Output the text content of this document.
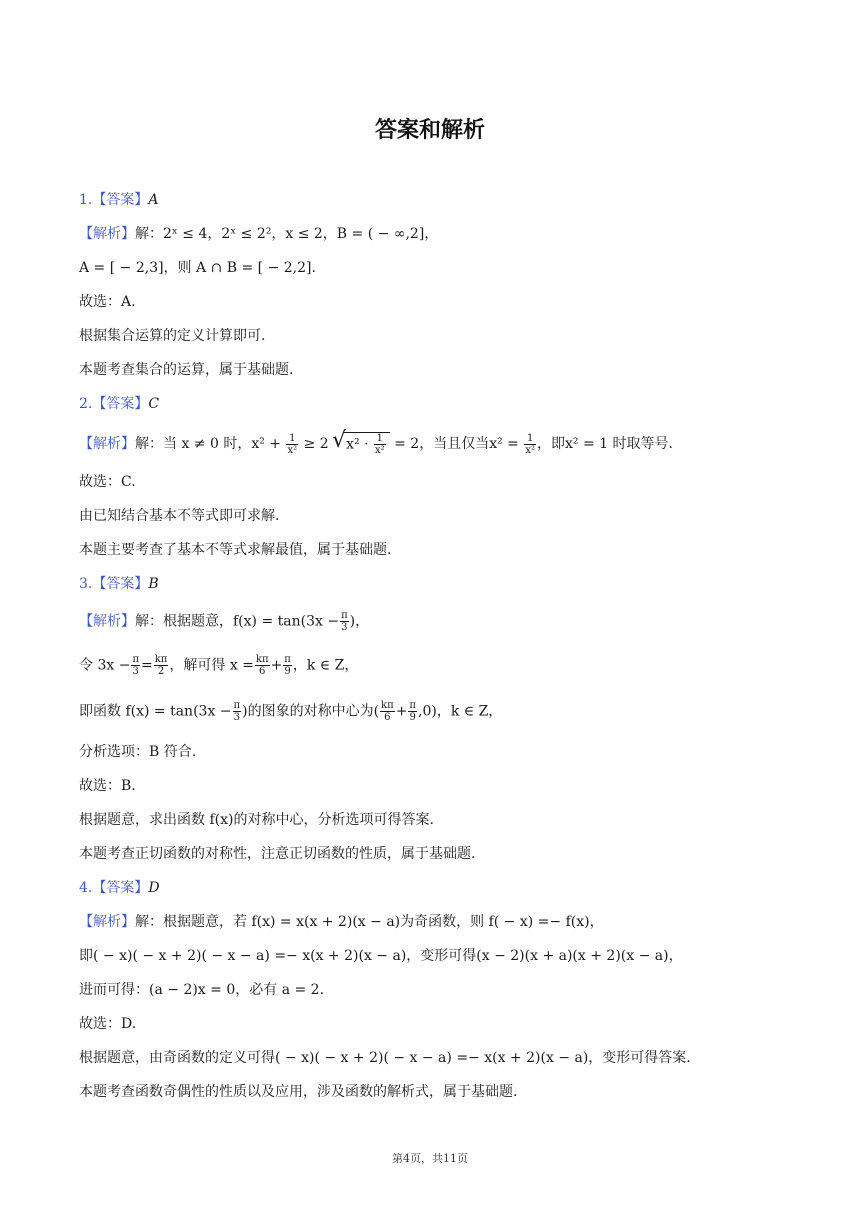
答案和解析
1.【答案】A
【解析】解：2ˣ ≤ 4，2ˣ ≤ 2²，x ≤ 2，B = ( − ∞,2]，
A = [ − 2,3]，则 A ∩ B = [ − 2,2].
故选：A.
根据集合运算的定义计算即可.
本题考查集合的运算，属于基础题.
2.【答案】C
【解析】解：当 x ≠ 0 时，$x^2 + \frac{1}{\text{x²}} \ge 2$ √ $x^2 \cdot \frac{1}{\text{x²}} = 2$，当且仅当$x^2 = \frac{1}{\text{x²}}$ ，即x² = 1 时取等号.
故选：C.
由已知结合基本不等式即可求解.
本题主要考查了基本不等式求解最值，属于基础题.
3.【答案】B
【解析】解：根据题意，$f(x) = \tan(3x - \frac{\pi}{3}$ )，
令 $3x - \frac{\pi}{3} = \frac{k\pi}{2}$ ，解可得 $x = \frac{k\pi}{6} + \frac{\pi}{9}$ ，k ∈ Z，
即函数 $f(x) = \tan(3x - \frac{\pi}{3}$ )的图象的对称中心为( $\frac{k\pi}{6} + \frac{\pi}{9} ,0$)，k ∈ Z，
分析选项：B 符合.
故选：B.
根据题意，求出函数 f(x)的对称中心，分析选项可得答案.
本题考查正切函数的对称性，注意正切函数的性质，属于基础题.
4.【答案】D
【解析】解：根据题意，若 f(x) = x(x + 2)(x − a)为奇函数，则 f( − x) =− f(x)，
即( − x)( − x + 2)( − x − a) =− x(x + 2)(x − a)，变形可得(x − 2)(x + a)(x + 2)(x − a)，
进而可得：(a − 2)x = 0，必有 a = 2.
故选：D.
根据题意，由奇函数的定义可得( − x)( − x + 2)( − x − a) =− x(x + 2)(x − a)，变形可得答案.
本题考查函数奇偶性的性质以及应用，涉及函数的解析式，属于基础题.
第4页，共11页
